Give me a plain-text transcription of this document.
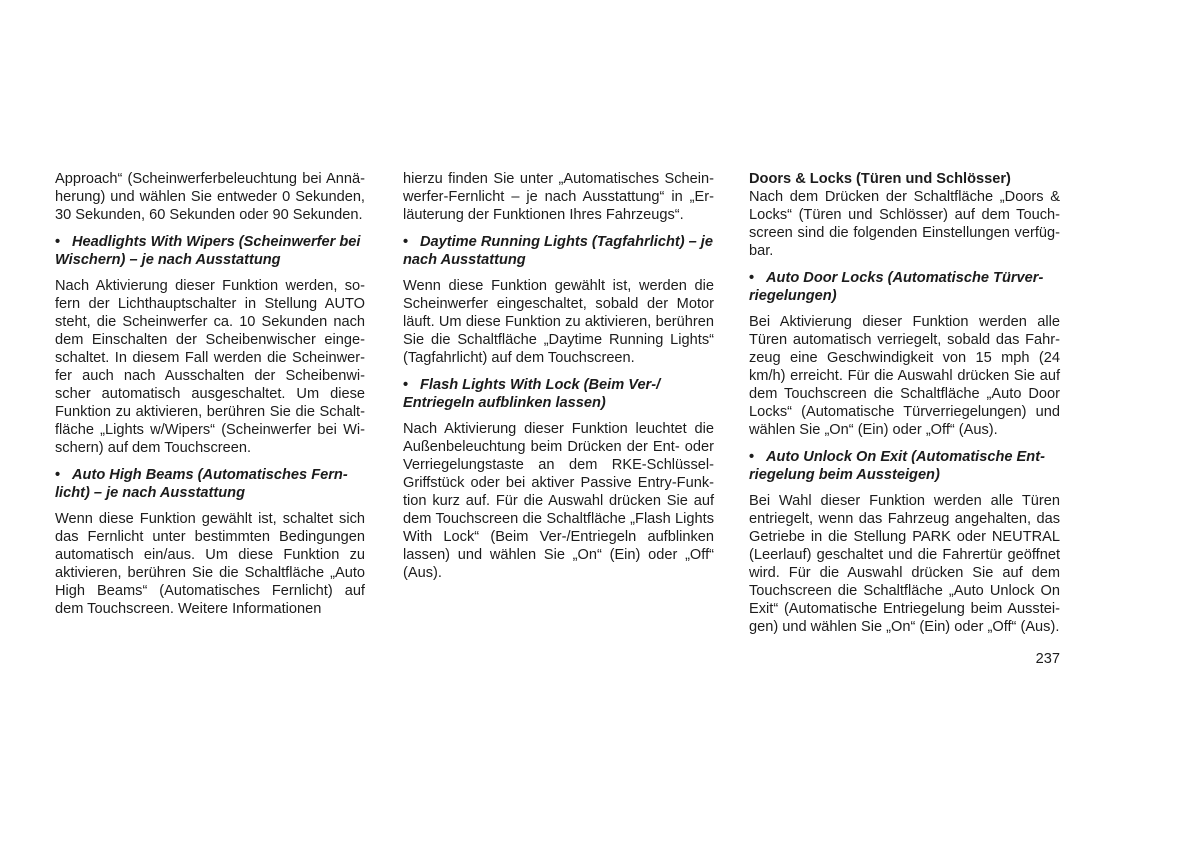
Approach“ (Scheinwerferbeleuchtung bei Annäherung) und wählen Sie entweder 0 Sekunden, 30 Sekunden, 60 Sekunden oder 90 Sekunden.

• Headlights With Wipers (Scheinwerfer bei Wischern) – je nach Ausstattung

Nach Aktivierung dieser Funktion werden, sofern der Lichthauptschalter in Stellung AUTO steht, die Scheinwerfer ca. 10 Sekunden nach dem Einschalten der Scheibenwischer eingeschaltet. In diesem Fall werden die Scheinwerfer auch nach Ausschalten der Scheibenwischer automatisch ausgeschaltet. Um diese Funktion zu aktivieren, berühren Sie die Schaltfläche „Lights w/Wipers“ (Scheinwerfer bei Wischern) auf dem Touchscreen.

• Auto High Beams (Automatisches Fernlicht) – je nach Ausstattung

Wenn diese Funktion gewählt ist, schaltet sich das Fernlicht unter bestimmten Bedingungen automatisch ein/aus. Um diese Funktion zu aktivieren, berühren Sie die Schaltfläche „Auto High Beams“ (Automatisches Fernlicht) auf dem Touchscreen. Weitere Informationen

hierzu finden Sie unter „Automatisches Scheinwerfer-Fernlicht – je nach Ausstattung“ in „Erläuterung der Funktionen Ihres Fahrzeugs“.

• Daytime Running Lights (Tagfahrlicht) – je nach Ausstattung

Wenn diese Funktion gewählt ist, werden die Scheinwerfer eingeschaltet, sobald der Motor läuft. Um diese Funktion zu aktivieren, berühren Sie die Schaltfläche „Daytime Running Lights“ (Tagfahrlicht) auf dem Touchscreen.

• Flash Lights With Lock (Beim Ver-/ Entriegeln aufblinken lassen)

Nach Aktivierung dieser Funktion leuchtet die Außenbeleuchtung beim Drücken der Ent- oder Verriegelungstaste an dem RKE-SchlüsselGriffstück oder bei aktiver Passive Entry-Funktion kurz auf. Für die Auswahl drücken Sie auf dem Touchscreen die Schaltfläche „Flash Lights With Lock“ (Beim Ver-/Entriegeln aufblinken lassen) und wählen Sie „On“ (Ein) oder „Off“ (Aus).

Doors & Locks (Türen und Schlösser)

Nach dem Drücken der Schaltfläche „Doors & Locks“ (Türen und Schlösser) auf dem Touchscreen sind die folgenden Einstellungen verfügbar.

• Auto Door Locks (Automatische Türverriegelungen)

Bei Aktivierung dieser Funktion werden alle Türen automatisch verriegelt, sobald das Fahrzeug eine Geschwindigkeit von 15 mph (24 km/h) erreicht. Für die Auswahl drücken Sie auf dem Touchscreen die Schaltfläche „Auto Door Locks“ (Automatische Türverriegelungen) und wählen Sie „On“ (Ein) oder „Off“ (Aus).

• Auto Unlock On Exit (Automatische Entriegelung beim Aussteigen)

Bei Wahl dieser Funktion werden alle Türen entriegelt, wenn das Fahrzeug angehalten, das Getriebe in die Stellung PARK oder NEUTRAL (Leerlauf) geschaltet und die Fahrertür geöffnet wird. Für die Auswahl drücken Sie auf dem Touchscreen die Schaltfläche „Auto Unlock On Exit“ (Automatische Entriegelung beim Aussteigen) und wählen Sie „On“ (Ein) oder „Off“ (Aus).

237
